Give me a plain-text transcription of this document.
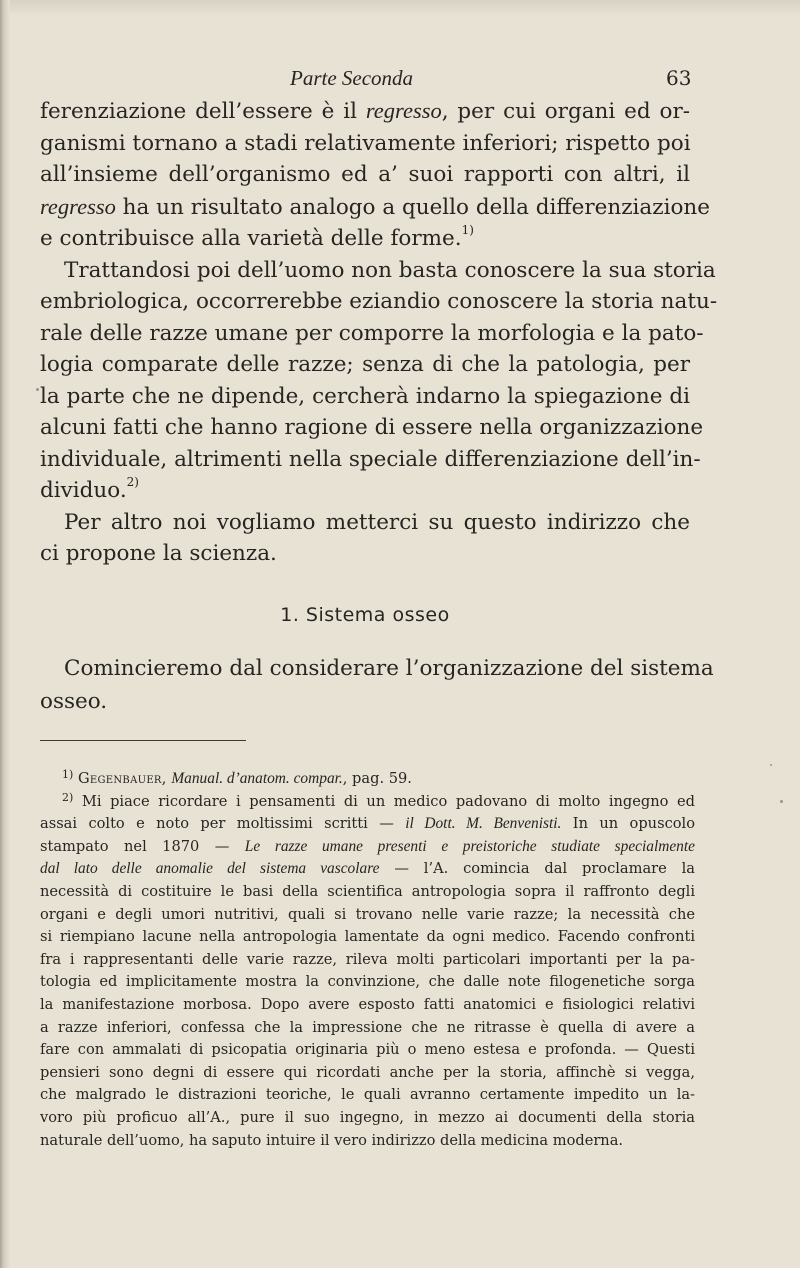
Parte Seconda	63

ferenziazione dell’essere è il regresso, per cui organi ed or-
ganismi tornano a stadi relativamente inferiori; rispetto poi
all’insieme dell’organismo ed a’ suoi rapporti con altri, il
regresso ha un risultato analogo a quello della differenziazione
e contribuisce alla varietà delle forme.$^{1)}$

Trattandosi poi dell’uomo non basta conoscere la sua storia
embriologica, occorrerebbe eziandio conoscere la storia natu-
rale delle razze umane per comporre la morfologia e la pato-
logia comparate delle razze; senza di che la patologia, per
la parte che ne dipende, cercherà indarno la spiegazione di
alcuni fatti che hanno ragione di essere nella organizzazione
individuale, altrimenti nella speciale differenziazione dell’in-
dividuo.$^{2)}$

Per altro noi vogliamo metterci su questo indirizzo che
ci propone la scienza.

1. Sistema osseo
Comincieremo dal considerare l’organizzazione del sistema
osseo.
$^{1)}$ Gegenbauer, Manual. d’anatom. compar., pag. 59.
$^{2)}$ Mi piace ricordare i pensamenti di un medico padovano di molto ingegno ed
assai colto e noto per moltissimi scritti — il Dott. M. Benvenisti. In un opuscolo
stampato nel 1870 — Le razze umane presenti e preistoriche studiate specialmente
dal lato delle anomalie del sistema vascolare — l’A. comincia dal proclamare la
necessità di costituire le basi della scientifica antropologia sopra il raffronto degli
organi e degli umori nutritivi, quali si trovano nelle varie razze; la necessità che
si riempiano lacune nella antropologia lamentate da ogni medico. Facendo confronti
fra i rappresentanti delle varie razze, rileva molti particolari importanti per la pa-
tologia ed implicitamente mostra la convinzione, che dalle note filogenetiche sorga
la manifestazione morbosa. Dopo avere esposto fatti anatomici e fisiologici relativi
a razze inferiori, confessa che la impressione che ne ritrasse è quella di avere a
fare con ammalati di psicopatia originaria più o meno estesa e profonda. — Questi
pensieri sono degni di essere qui ricordati anche per la storia, affinchè si vegga,
che malgrado le distrazioni teoriche, le quali avranno certamente impedito un la-
voro più proficuo all’A., pure il suo ingegno, in mezzo ai documenti della storia
naturale dell’uomo, ha saputo intuire il vero indirizzo della medicina moderna.
